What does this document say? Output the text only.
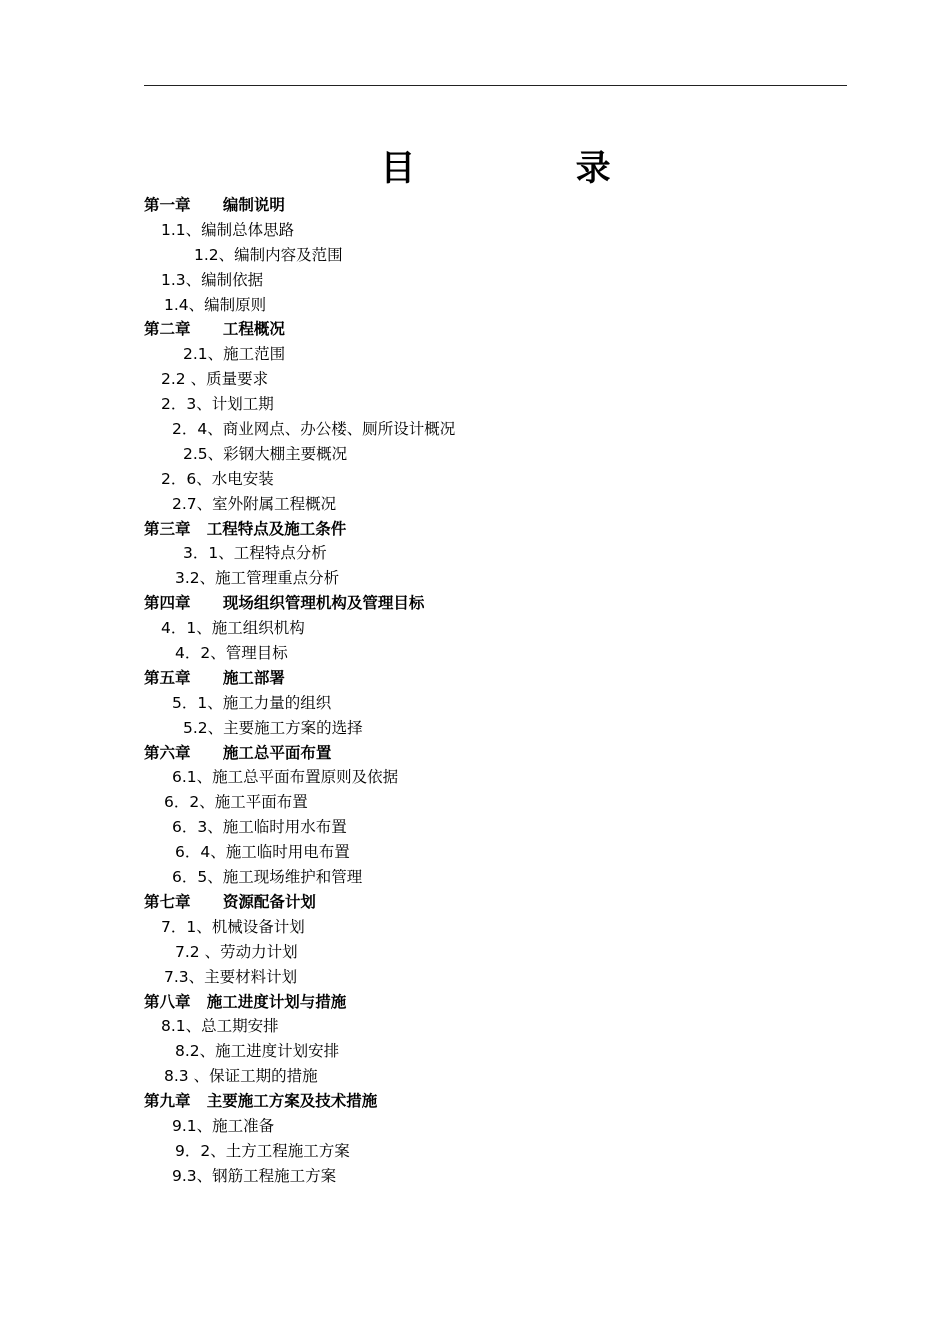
目 录
第一章      编制说明
1.1、编制总体思路
1.2、编制内容及范围
1.3、编制依据
1.4、编制原则
第二章      工程概况
2.1、施工范围
2.2 、质量要求
2．3、计划工期
2．4、商业网点、办公楼、厕所设计概况
2.5、彩钢大棚主要概况
2．6、水电安装
2.7、室外附属工程概况
第三章   工程特点及施工条件
3．1、工程特点分析
3.2、施工管理重点分析
第四章      现场组织管理机构及管理目标
4．1、施工组织机构
4．2、管理目标
第五章      施工部署
5．1、施工力量的组织
5.2、主要施工方案的选择
第六章      施工总平面布置
6.1、施工总平面布置原则及依据
6．2、施工平面布置
6．3、施工临时用水布置
6．4、施工临时用电布置
6．5、施工现场维护和管理
第七章      资源配备计划
7．1、机械设备计划
7.2 、劳动力计划
7.3、主要材料计划
第八章   施工进度计划与措施
8.1、总工期安排
8.2、施工进度计划安排
8.3 、保证工期的措施
第九章   主要施工方案及技术措施
9.1、施工准备
9．2、土方工程施工方案
9.3、钢筋工程施工方案
